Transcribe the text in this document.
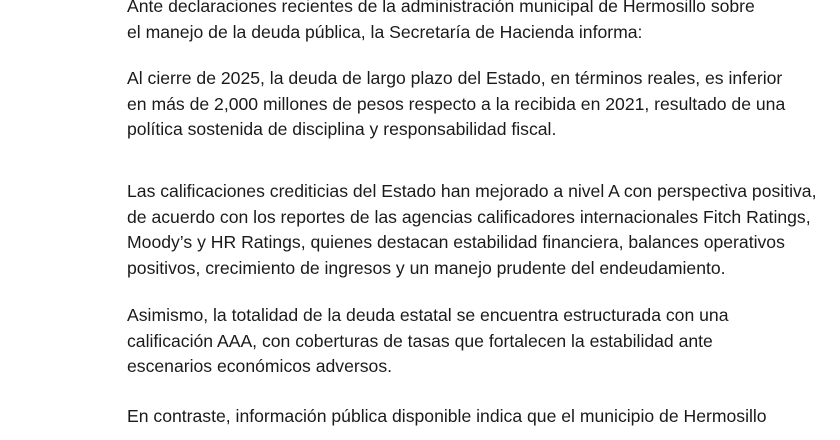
Ante declaraciones recientes de la administración municipal de Hermosillo sobre
el manejo de la deuda pública, la Secretaría de Hacienda informa:

Al cierre de 2025, la deuda de largo plazo del Estado, en términos reales, es inferior
en más de 2,000 millones de pesos respecto a la recibida en 2021, resultado de una
política sostenida de disciplina y responsabilidad fiscal.

Las calificaciones crediticias del Estado han mejorado a nivel A con perspectiva positiva,
de acuerdo con los reportes de las agencias calificadores internacionales Fitch Ratings,
Moody’s y HR Ratings, quienes destacan estabilidad financiera, balances operativos
positivos, crecimiento de ingresos y un manejo prudente del endeudamiento.

Asimismo, la totalidad de la deuda estatal se encuentra estructurada con una
calificación AAA, con coberturas de tasas que fortalecen la estabilidad ante
escenarios económicos adversos.

En contraste, información pública disponible indica que el municipio de Hermosillo
